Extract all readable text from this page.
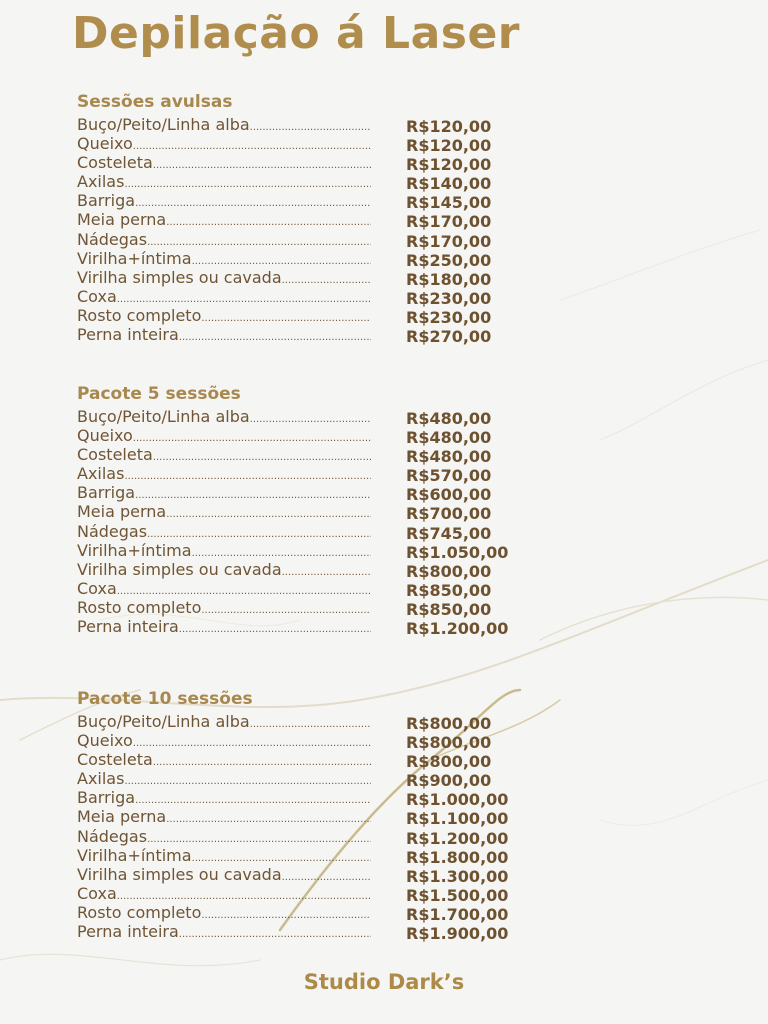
Depilação á Laser
Sessões avulsas
Buço/Peito/Linha alba .....	R$120,00
Queixo .....	R$120,00
Costeleta .....	R$120,00
Axilas .....	R$140,00
Barriga .....	R$145,00
Meia perna .....	R$170,00
Nádegas .....	R$170,00
Virilha+íntima .....	R$250,00
Virilha simples ou cavada .....	R$180,00
Coxa .....	R$230,00
Rosto completo .....	R$230,00
Perna inteira .....	R$270,00
Pacote 5 sessões
Buço/Peito/Linha alba .....	R$480,00
Queixo .....	R$480,00
Costeleta .....	R$480,00
Axilas .....	R$570,00
Barriga .....	R$600,00
Meia perna .....	R$700,00
Nádegas .....	R$745,00
Virilha+íntima .....	R$1.050,00
Virilha simples ou cavada .....	R$800,00
Coxa .....	R$850,00
Rosto completo .....	R$850,00
Perna inteira .....	R$1.200,00
Pacote 10 sessões
Buço/Peito/Linha alba .....	R$800,00
Queixo .....	R$800,00
Costeleta .....	R$800,00
Axilas .....	R$900,00
Barriga .....	R$1.000,00
Meia perna .....	R$1.100,00
Nádegas .....	R$1.200,00
Virilha+íntima .....	R$1.800,00
Virilha simples ou cavada .....	R$1.300,00
Coxa .....	R$1.500,00
Rosto completo .....	R$1.700,00
Perna inteira .....	R$1.900,00
Studio Dark’s
